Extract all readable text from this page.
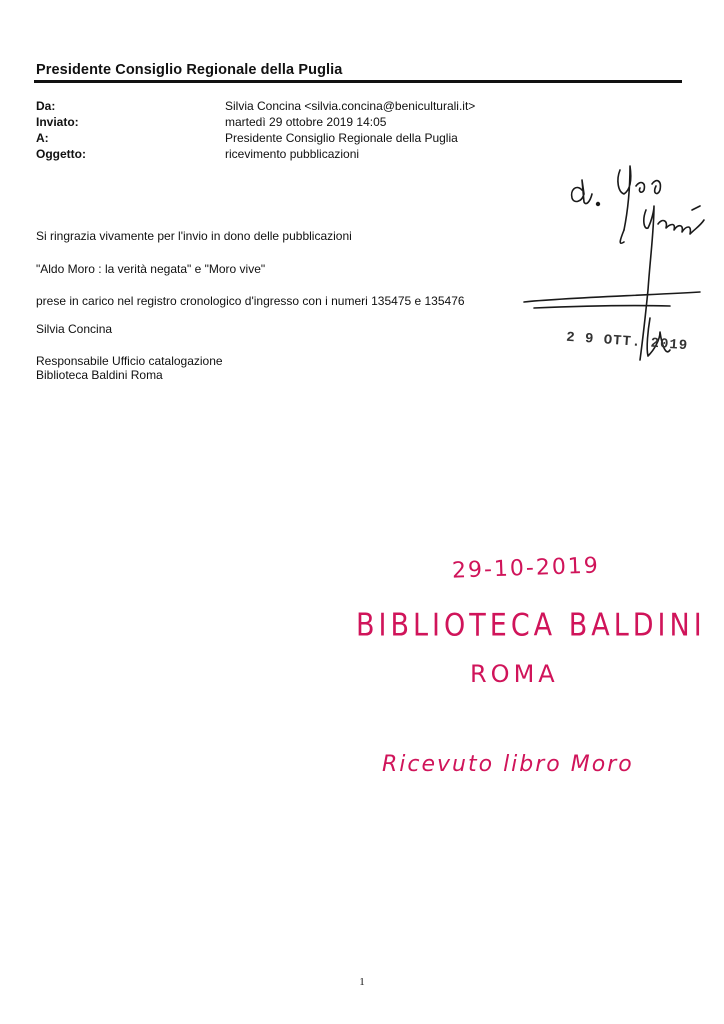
Presidente Consiglio Regionale della Puglia
Da:	Silvia Concina <silvia.concina@beniculturali.it>
Inviato:	martedì 29 ottobre 2019 14:05
A:	Presidente Consiglio Regionale della Puglia
Oggetto:	ricevimento pubblicazioni
Si ringrazia vivamente per l'invio in dono delle pubblicazioni
"Aldo Moro : la verità negata" e "Moro vive"
prese in carico nel registro cronologico d'ingresso con i numeri 135475 e 135476
Silvia Concina
Responsabile Ufficio catalogazione
Biblioteca Baldini Roma
2 9 OTT. 2019
29-10-2019
BIBLIOTECA BALDINI
ROMA
Ricevuto libro Moro
1
